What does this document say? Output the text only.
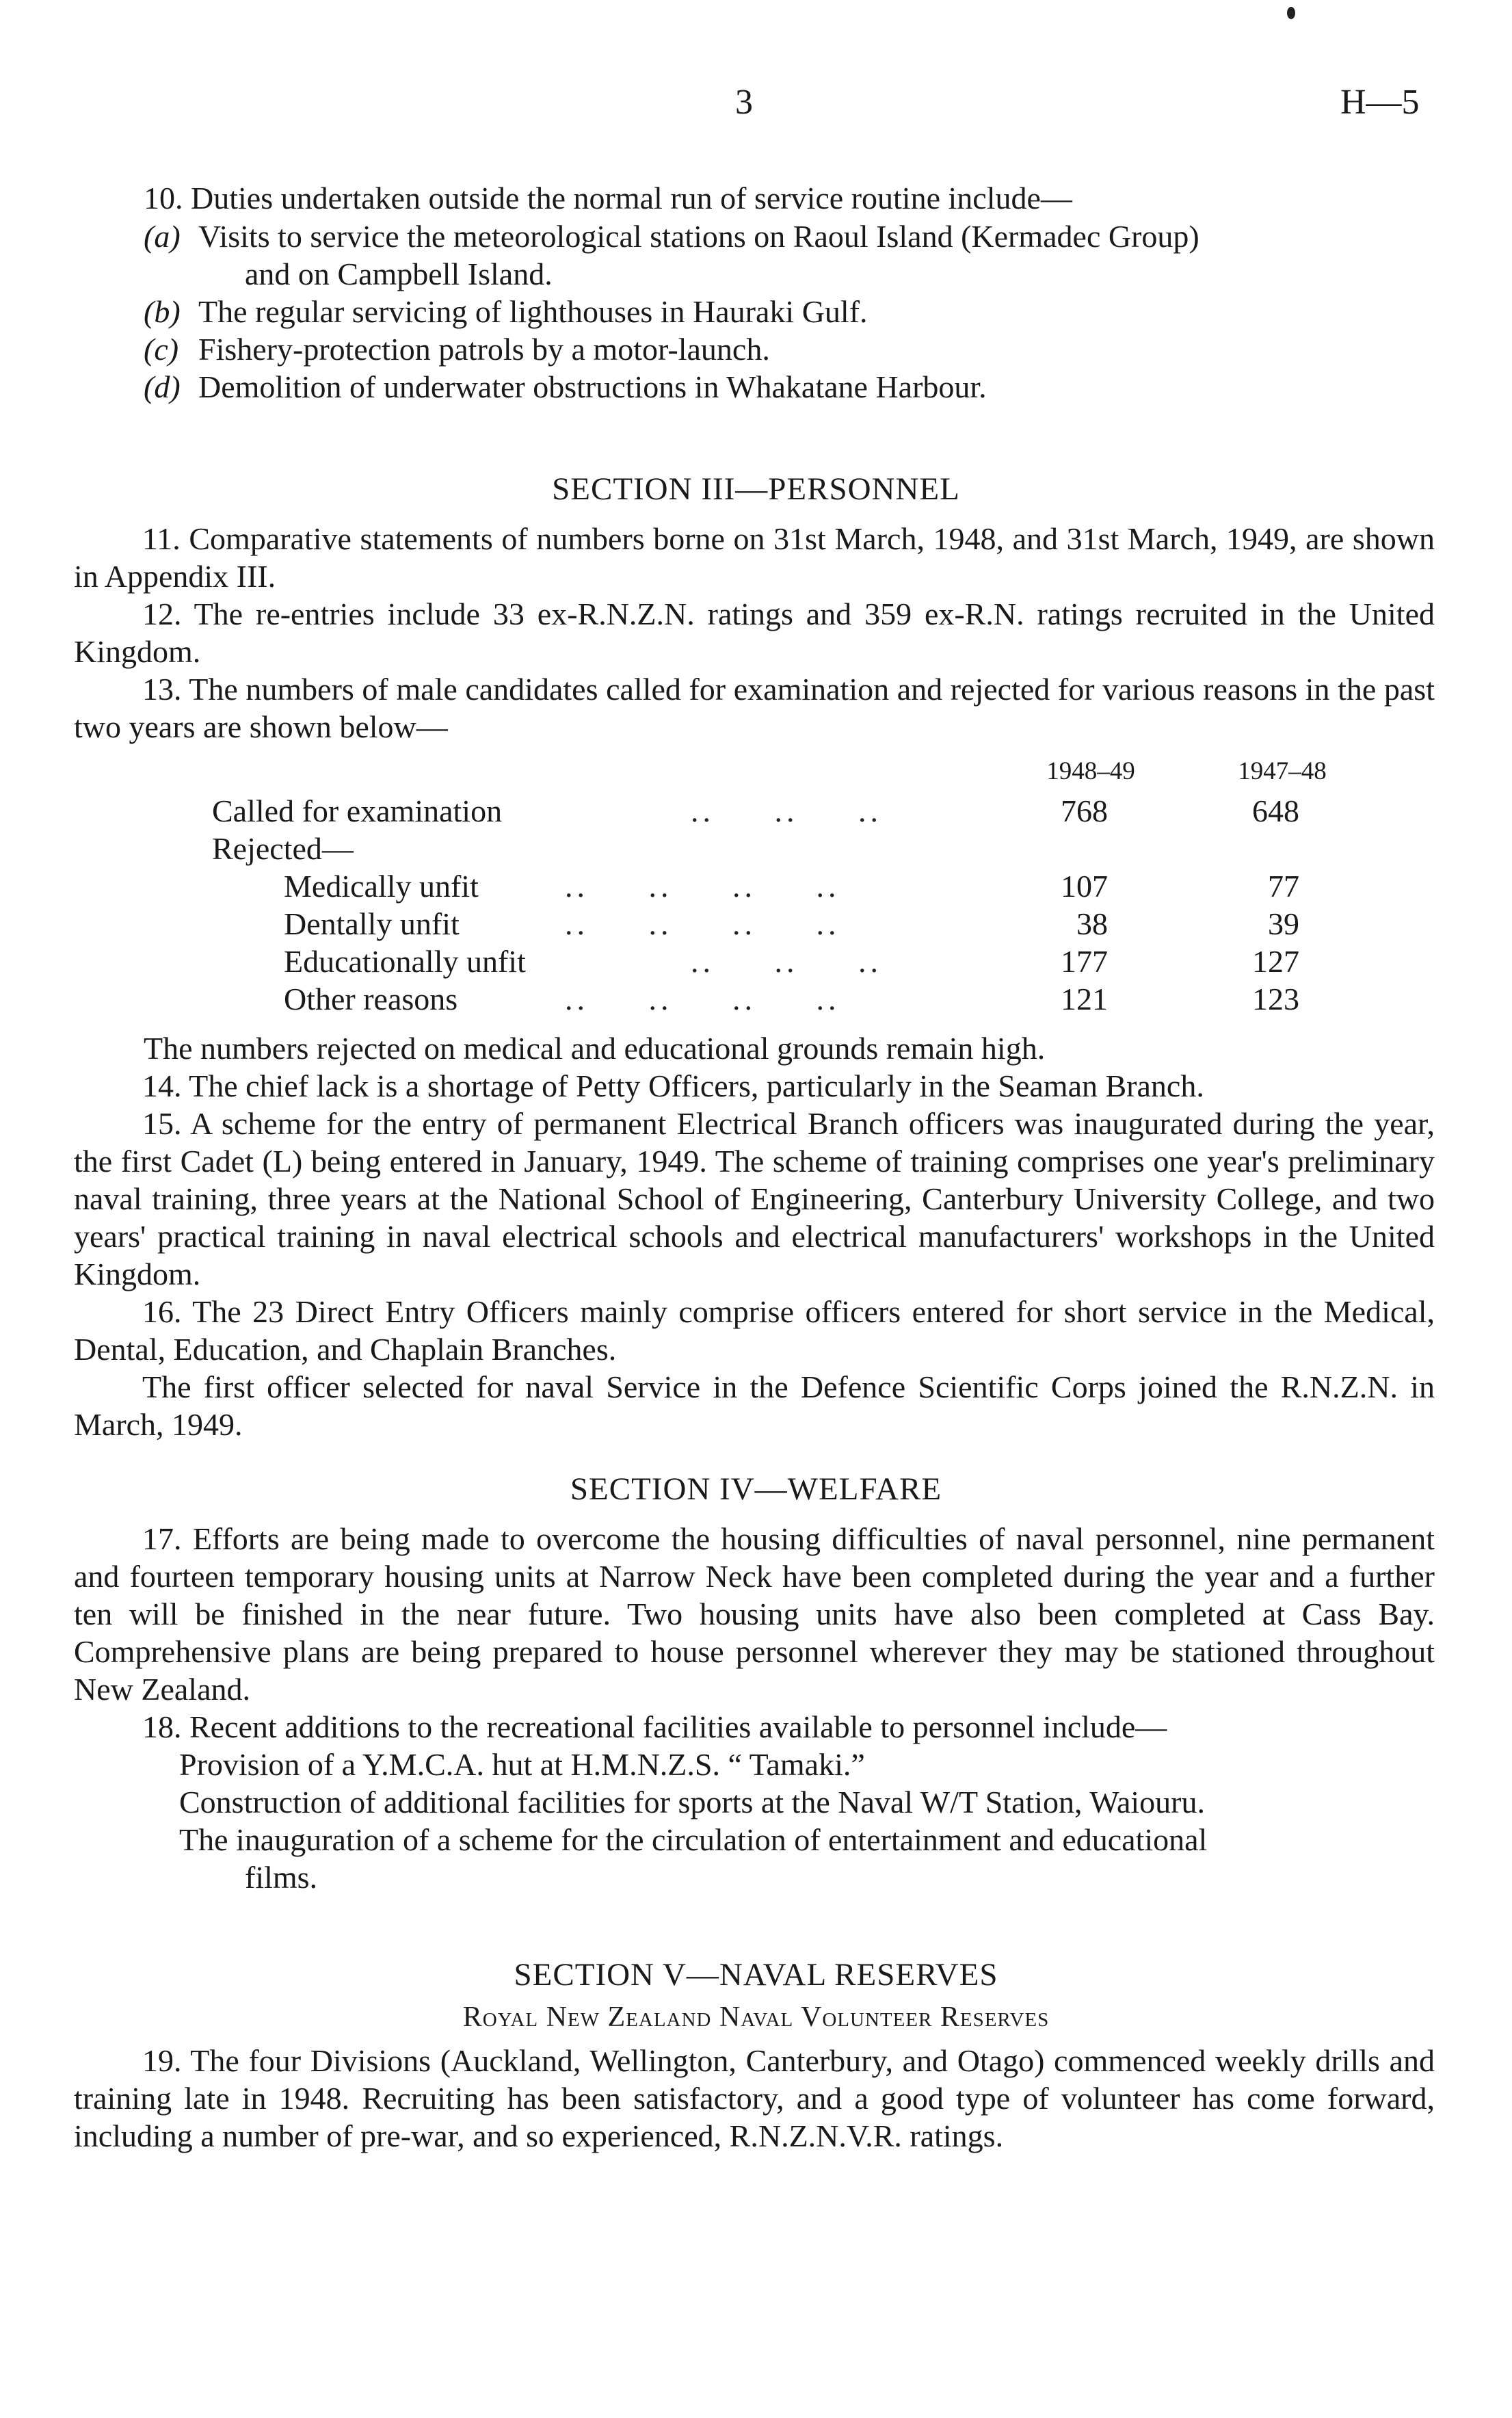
3	H—5
10. Duties undertaken outside the normal run of service routine include—
(a) Visits to service the meteorological stations on Raoul Island (Kermadec Group)
and on Campbell Island.
(b) The regular servicing of lighthouses in Hauraki Gulf.
(c) Fishery-protection patrols by a motor-launch.
(d) Demolition of underwater obstructions in Whakatane Harbour.
SECTION III—PERSONNEL

11. Comparative statements of numbers borne on 31st March, 1948, and 31st March, 1949, are shown in Appendix III.

12. The re-entries include 33 ex-R.N.Z.N. ratings and 359 ex-R.N. ratings recruited in the United Kingdom.

13. The numbers of male candidates called for examination and rejected for various reasons in the past two years are shown below—

1948–49	1947–48
Called for examination	..     ..     ..	768	648
Rejected—
Medically unfit	..     ..     ..     ..	107	77
Dentally unfit	..     ..     ..     ..	38	39
Educationally unfit	..     ..     ..	177	127
Other reasons	..     ..     ..     ..	121	123
The numbers rejected on medical and educational grounds remain high.

14. The chief lack is a shortage of Petty Officers, particularly in the Seaman Branch.

15. A scheme for the entry of permanent Electrical Branch officers was inaugurated during the year, the first Cadet (L) being entered in January, 1949. The scheme of training comprises one year's preliminary naval training, three years at the National School of Engineering, Canterbury University College, and two years' practical training in naval electrical schools and electrical manufacturers' workshops in the United Kingdom.

16. The 23 Direct Entry Officers mainly comprise officers entered for short service in the Medical, Dental, Education, and Chaplain Branches.

The first officer selected for naval Service in the Defence Scientific Corps joined the R.N.Z.N. in March, 1949.

SECTION IV—WELFARE

17. Efforts are being made to overcome the housing difficulties of naval personnel, nine permanent and fourteen temporary housing units at Narrow Neck have been completed during the year and a further ten will be finished in the near future. Two housing units have also been completed at Cass Bay. Comprehensive plans are being prepared to house personnel wherever they may be stationed throughout New Zealand.

18. Recent additions to the recreational facilities available to personnel include—

Provision of a Y.M.C.A. hut at H.M.N.Z.S. “ Tamaki.”
Construction of additional facilities for sports at the Naval W/T Station, Waiouru.
The inauguration of a scheme for the circulation of entertainment and educational
films.
SECTION V—NAVAL RESERVES
Royal New Zealand Naval Volunteer Reserves

19. The four Divisions (Auckland, Wellington, Canterbury, and Otago) commenced weekly drills and training late in 1948. Recruiting has been satisfactory, and a good type of volunteer has come forward, including a number of pre-war, and so experienced, R.N.Z.N.V.R. ratings.
